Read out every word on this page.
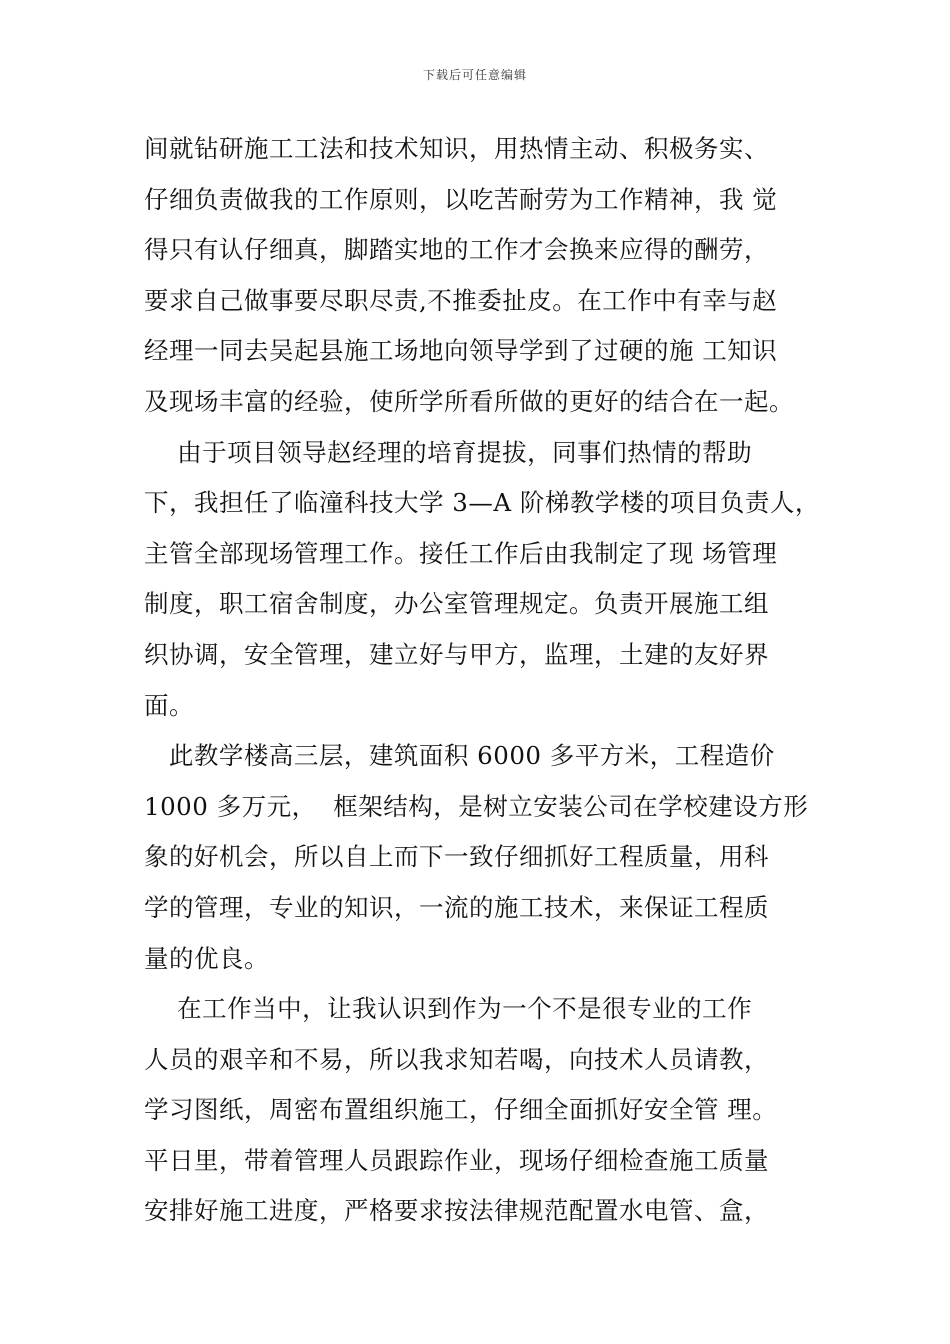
下载后可任意编辑
间就钻研施工工法和技术知识，用热情主动、积极务实、
仔细负责做我的工作原则，以吃苦耐劳为工作精神，我 觉
得只有认仔细真，脚踏实地的工作才会换来应得的酬劳，
要求自己做事要尽职尽责,不推委扯皮。在工作中有幸与赵
经理一同去吴起县施工场地向领导学到了过硬的施 工知识
及现场丰富的经验，使所学所看所做的更好的结合在一起。
由于项目领导赵经理的培育提拔，同事们热情的帮助
下，我担任了临潼科技大学 3—A 阶梯教学楼的项目负责人，
主管全部现场管理工作。接任工作后由我制定了现 场管理
制度，职工宿舍制度，办公室管理规定。负责开展施工组
织协调，安全管理，建立好与甲方，监理，土建的友好界
面。
此教学楼高三层，建筑面积 6000 多平方米，工程造价
1000 多万元，  框架结构，是树立安装公司在学校建设方形
象的好机会，所以自上而下一致仔细抓好工程质量，用科
学的管理，专业的知识，一流的施工技术，来保证工程质
量的优良。
在工作当中，让我认识到作为一个不是很专业的工作
人员的艰辛和不易，所以我求知若喝，向技术人员请教，
学习图纸，周密布置组织施工，仔细全面抓好安全管 理。
平日里，带着管理人员跟踪作业，现场仔细检查施工质量
安排好施工进度，严格要求按法律规范配置水电管、盒，
